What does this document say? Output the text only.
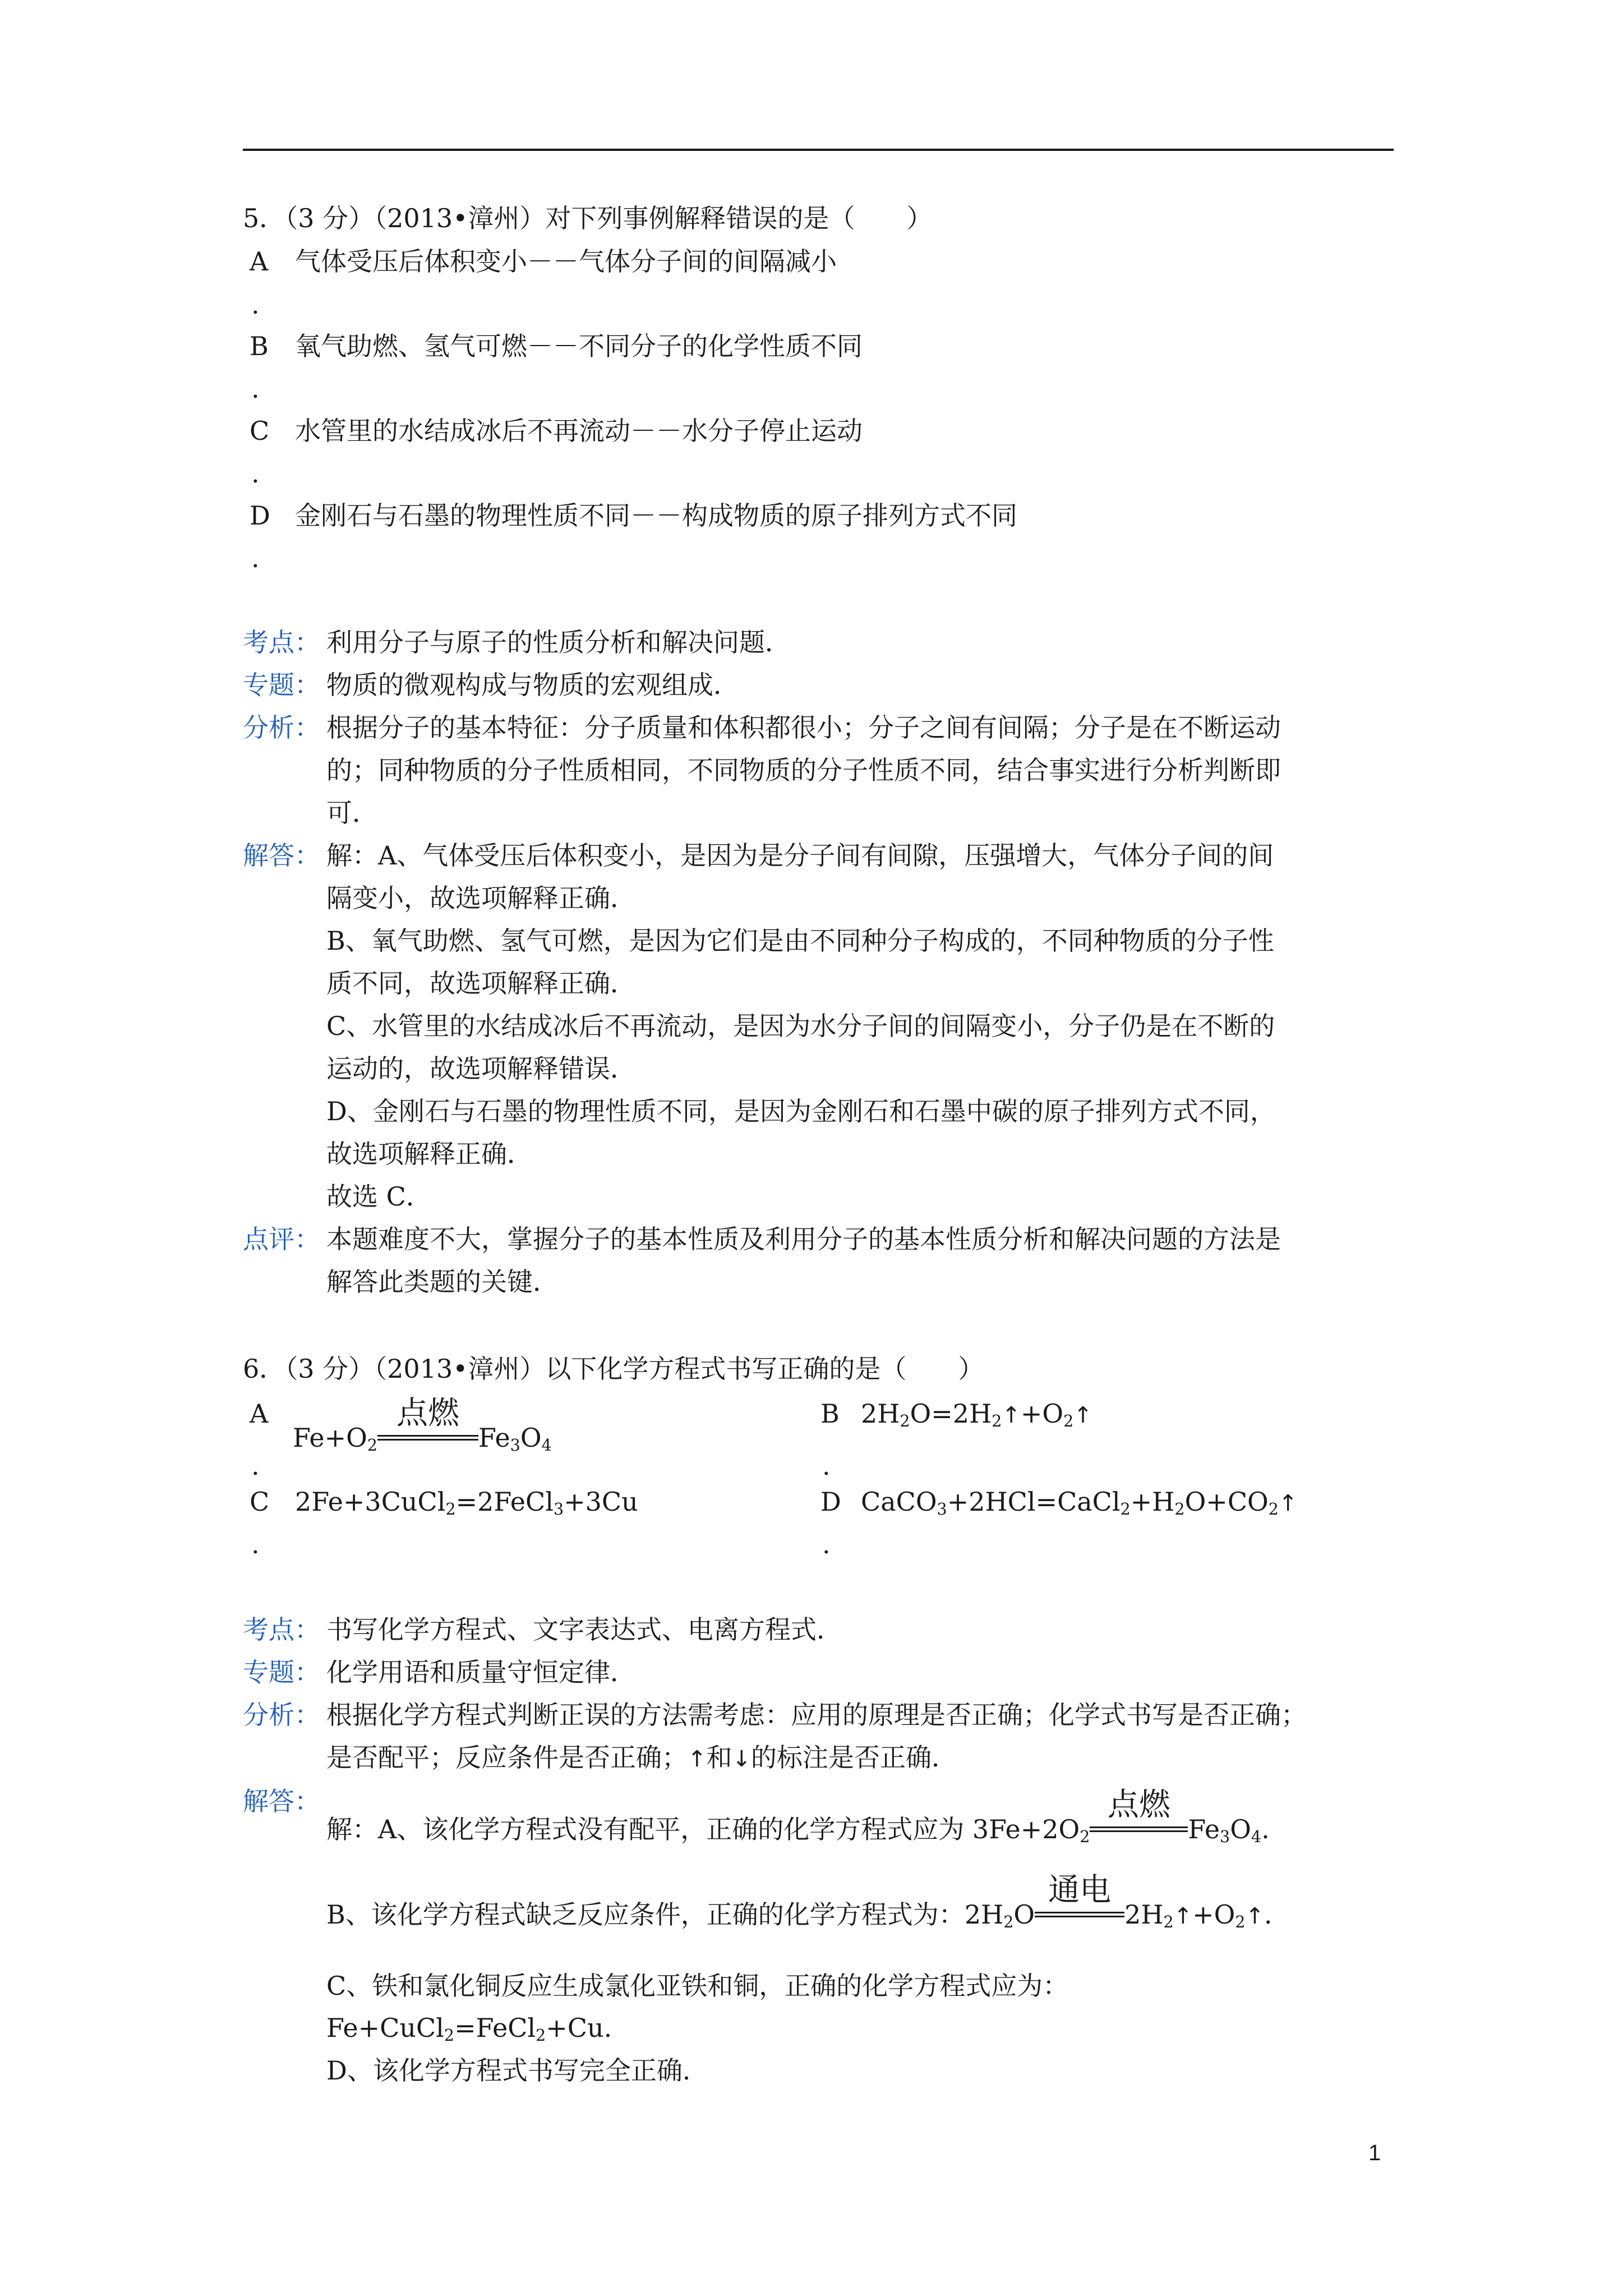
5．（3 分）（2013•漳州）对下列事例解释错误的是（　　）
A 气体受压后体积变小－－气体分子间的间隔减小
.
B 氧气助燃、氢气可燃－－不同分子的化学性质不同
.
C 水管里的水结成冰后不再流动－－水分子停止运动
.
D 金刚石与石墨的物理性质不同－－构成物质的原子排列方式不同
.
考点： 利用分子与原子的性质分析和解决问题．
专题： 物质的微观构成与物质的宏观组成．
分析： 根据分子的基本特征：分子质量和体积都很小；分子之间有间隔；分子是在不断运动
的；同种物质的分子性质相同，不同物质的分子性质不同，结合事实进行分析判断即
可．
解答： 解：A、气体受压后体积变小，是因为是分子间有间隙，压强增大，气体分子间的间
隔变小，故选项解释正确．
B、氧气助燃、氢气可燃，是因为它们是由不同种分子构成的，不同种物质的分子性
质不同，故选项解释正确．
C、水管里的水结成冰后不再流动，是因为水分子间的间隔变小，分子仍是在不断的
运动的，故选项解释错误．
D、金刚石与石墨的物理性质不同，是因为金刚石和石墨中碳的原子排列方式不同，
故选项解释正确．
故选 C．
点评： 本题难度不大，掌握分子的基本性质及利用分子的基本性质分析和解决问题的方法是
解答此类题的关键．
6．（3 分）（2013•漳州）以下化学方程式书写正确的是（　　）
A
$Fe+O_2$
点燃
$Fe_3O_4$
.
B $2H_2O=2H_2↑+O_2↑$
.
C 2Fe+3CuCl$_2$=2FeCl$_3$+3Cu
.
D $CaCO_3+2HCl=CaCl_2+H_2O+CO_2↑$
.
考点： 书写化学方程式、文字表达式、电离方程式．
专题： 化学用语和质量守恒定律．
分析： 根据化学方程式判断正误的方法需考虑：应用的原理是否正确；化学式书写是否正确；
是否配平；反应条件是否正确；↑和↓的标注是否正确．
解答：
解：A、该化学方程式没有配平，正确的化学方程式应为 $3Fe+2O_2$
点燃
$Fe_3O_4$.
B、该化学方程式缺乏反应条件，正确的化学方程式为：$2H_2O$
通电
$2H_2↑+O_2↑$．
C、铁和氯化铜反应生成氯化亚铁和铜，正确的化学方程式应为：
Fe+CuCl$_2$=FeCl$_2$+Cu.
D、该化学方程式书写完全正确．
1
